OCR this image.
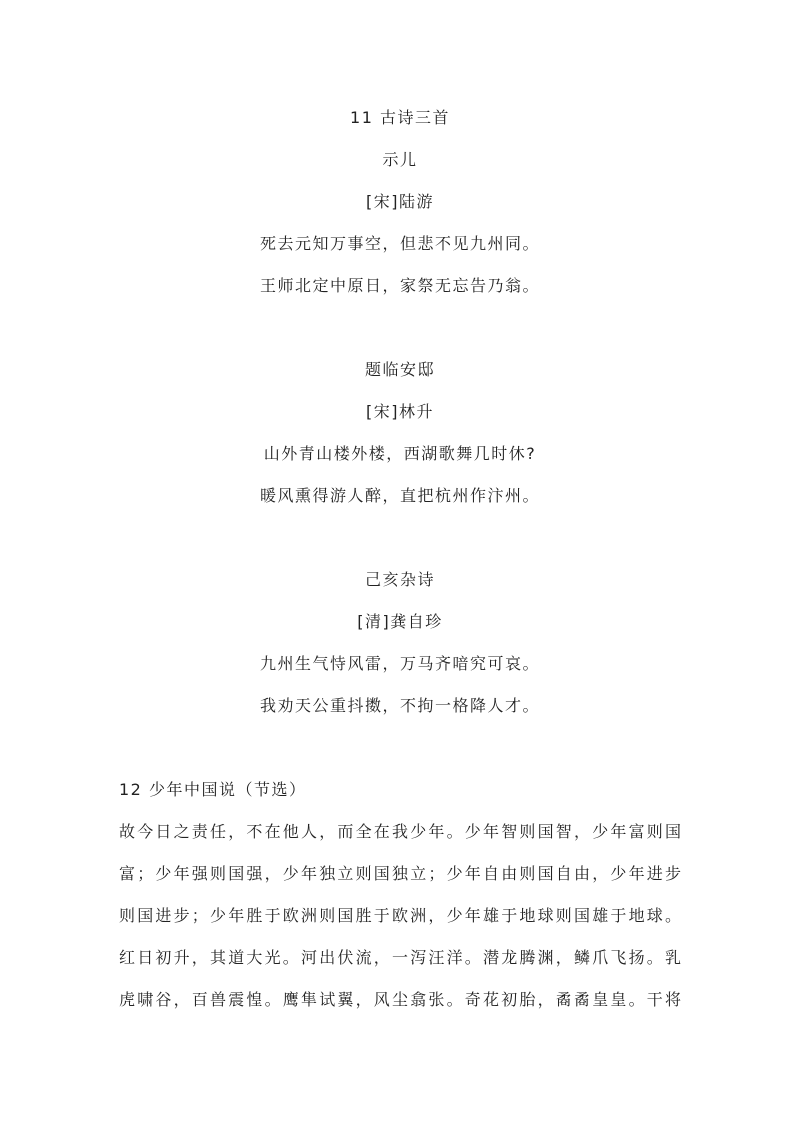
11 古诗三首
示儿
[宋]陆游
死去元知万事空，但悲不见九州同。
王师北定中原日，家祭无忘告乃翁。
题临安邸
[宋]林升
山外青山楼外楼，西湖歌舞几时休?
暖风熏得游人醉，直把杭州作汴州。
己亥杂诗
[清]龚自珍
九州生气恃风雷，万马齐喑究可哀。
我劝天公重抖擞，不拘一格降人才。
12 少年中国说（节选）
故今日之责任，不在他人，而全在我少年。少年智则国智，少年富则国
富；少年强则国强，少年独立则国独立；少年自由则国自由，少年进步
则国进步；少年胜于欧洲则国胜于欧洲，少年雄于地球则国雄于地球。
红日初升，其道大光。河出伏流，一泻汪洋。潜龙腾渊，鳞爪飞扬。乳
虎啸谷，百兽震惶。鹰隼试翼，风尘翕张。奇花初胎，矞矞皇皇。干将
